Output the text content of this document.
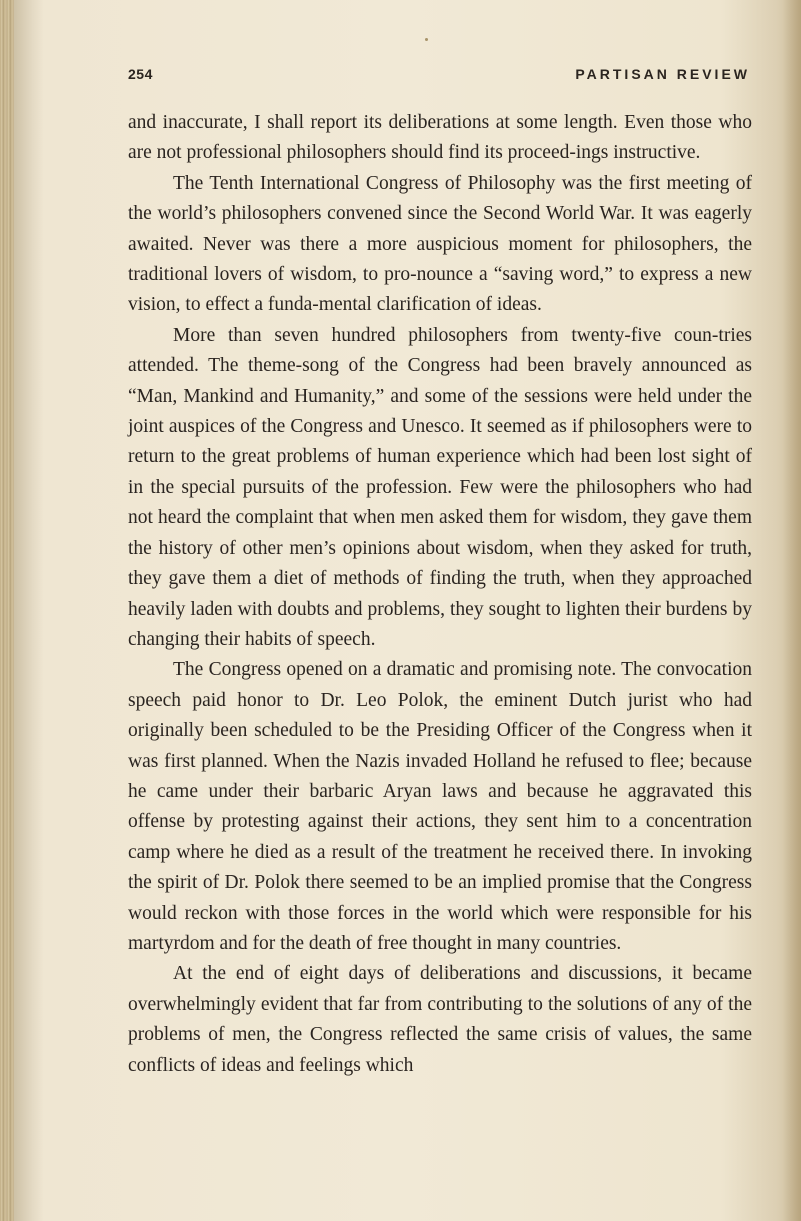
254	PARTISAN REVIEW

and inaccurate, I shall report its deliberations at some length. Even those who are not professional philosophers should find its proceed-ings instructive.

The Tenth International Congress of Philosophy was the first meeting of the world’s philosophers convened since the Second World War. It was eagerly awaited. Never was there a more auspicious moment for philosophers, the traditional lovers of wisdom, to pro-nounce a “saving word,” to express a new vision, to effect a funda-mental clarification of ideas.

More than seven hundred philosophers from twenty-five coun-tries attended. The theme-song of the Congress had been bravely announced as “Man, Mankind and Humanity,” and some of the sessions were held under the joint auspices of the Congress and Unesco. It seemed as if philosophers were to return to the great problems of human experience which had been lost sight of in the special pursuits of the profession. Few were the philosophers who had not heard the complaint that when men asked them for wisdom, they gave them the history of other men’s opinions about wisdom, when they asked for truth, they gave them a diet of methods of finding the truth, when they approached heavily laden with doubts and problems, they sought to lighten their burdens by changing their habits of speech.

The Congress opened on a dramatic and promising note. The convocation speech paid honor to Dr. Leo Polok, the eminent Dutch jurist who had originally been scheduled to be the Presiding Officer of the Congress when it was first planned. When the Nazis invaded Holland he refused to flee; because he came under their barbaric Aryan laws and because he aggravated this offense by protesting against their actions, they sent him to a concentration camp where he died as a result of the treatment he received there. In invoking the spirit of Dr. Polok there seemed to be an implied promise that the Congress would reckon with those forces in the world which were responsible for his martyrdom and for the death of free thought in many countries.

At the end of eight days of deliberations and discussions, it became overwhelmingly evident that far from contributing to the solutions of any of the problems of men, the Congress reflected the same crisis of values, the same conflicts of ideas and feelings which
